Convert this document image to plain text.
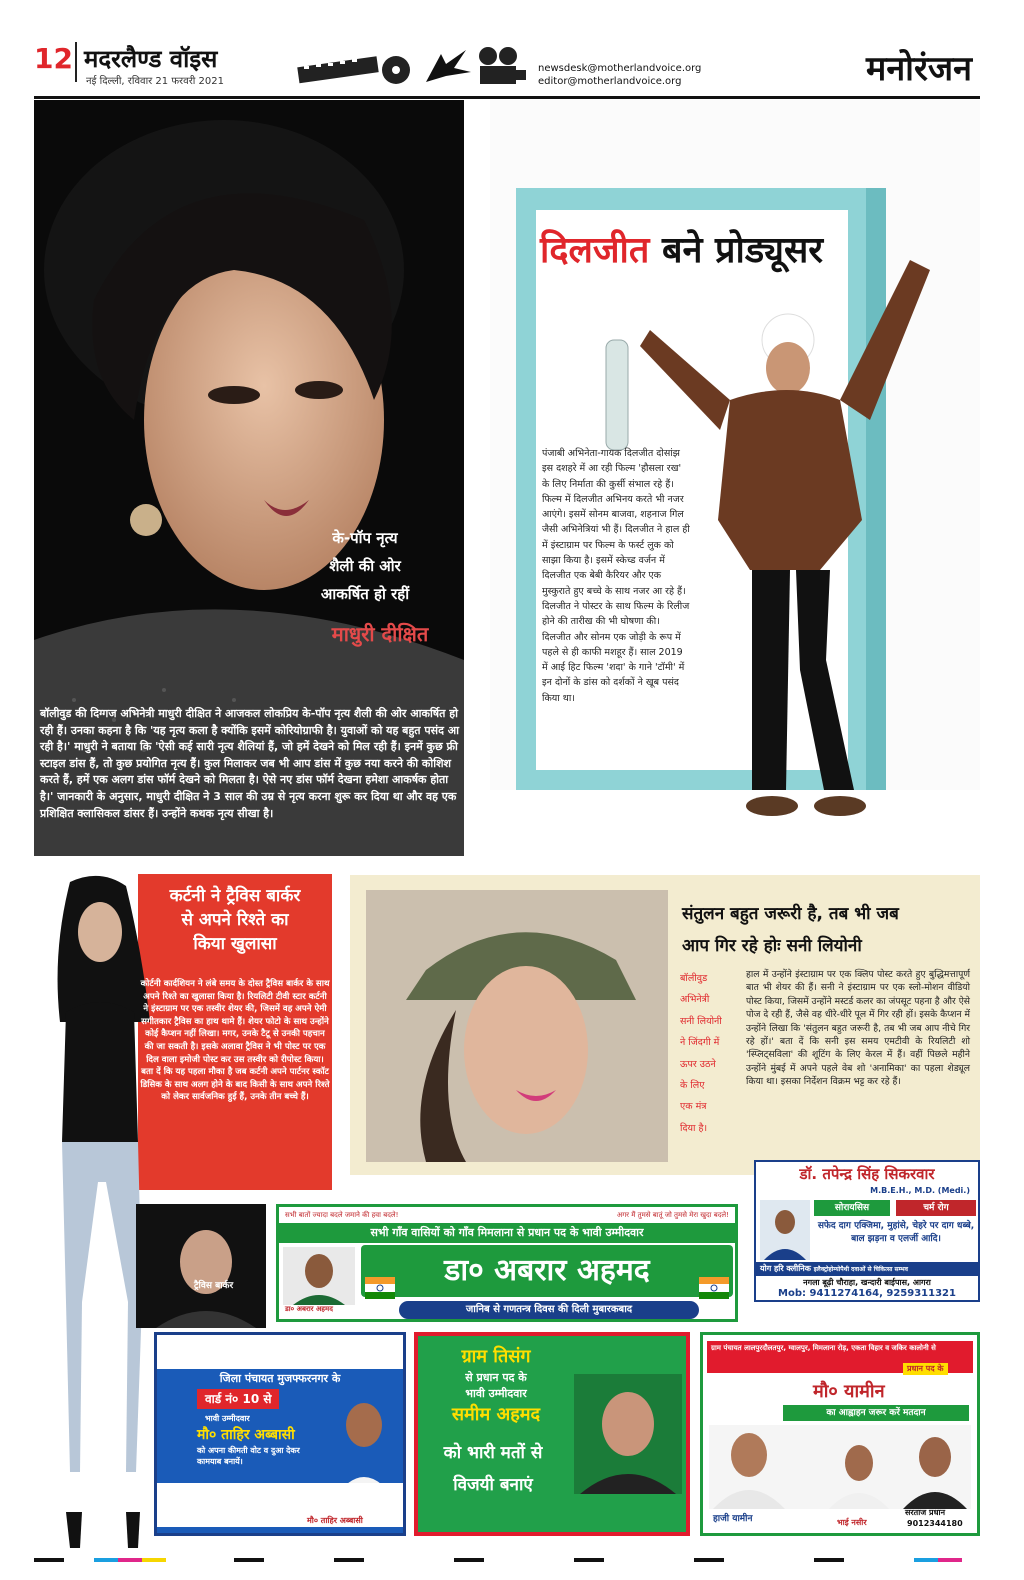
12 मदरलैण्ड वॉइस
नई दिल्ली, रविवार 21 फरवरी 2021
newsdesk@motherlandvoice.org
editor@motherlandvoice.org	मनोरंजन
के-पॉप नृत्य
शैली की ओर
आकर्षित हो रहीं
माधुरी दीक्षित
बॉलीवुड की दिग्गज अभिनेत्री माधुरी दीक्षित ने आजकल लोकप्रिय के-पॉप नृत्य शैली की ओर आकर्षित हो रही हैं। उनका कहना है कि 'यह नृत्य कला है क्योंकि इसमें कोरियोग्राफी है। युवाओं को यह बहुत पसंद आ रही है।' माधुरी ने बताया कि 'ऐसी कई सारी नृत्य शैलियां हैं, जो हमें देखने को मिल रही हैं। इनमें कुछ फ्री स्टाइल डांस हैं, तो कुछ प्रयोगित नृत्य हैं। कुल मिलाकर जब भी आप डांस में कुछ नया करने की कोशिश करते हैं, हमें एक अलग डांस फॉर्म देखने को मिलता है। ऐसे नए डांस फॉर्म देखना हमेशा आकर्षक होता है।' जानकारी के अनुसार, माधुरी दीक्षित ने 3 साल की उम्र से नृत्य करना शुरू कर दिया था और वह एक प्रशिक्षित क्लासिकल डांसर हैं। उन्होंने कथक नृत्य सीखा है।
दिलजीत बने प्रोड्यूसर
पंजाबी अभिनेता-गायक दिलजीत दोसांझ इस दशहरे में आ रही फिल्म 'हौसला रख' के लिए निर्माता की कुर्सी संभाल रहे हैं। फिल्म में दिलजीत अभिनय करते भी नजर आएंगे। इसमें सोनम बाजवा, शहनाज गिल जैसी अभिनेत्रियां भी हैं। दिलजीत ने हाल ही में इंस्टाग्राम पर फिल्म के फर्स्ट लुक को साझा किया है। इसमें स्केच्ड वर्जन में दिलजीत एक बेबी कैरियर और एक मुस्कुराते हुए बच्चे के साथ नजर आ रहे हैं। दिलजीत ने पोस्टर के साथ फिल्म के रिलीज होने की तारीख की भी घोषणा की। दिलजीत और सोनम एक जोड़ी के रूप में पहले से ही काफी मशहूर हैं। साल 2019 में आई हिट फिल्म 'शदा' के गाने 'टॉमी' में इन दोनों के डांस को दर्शकों ने खूब पसंद किया था।
कर्टनी ने ट्रैविस बार्कर
से अपने रिश्ते का
किया खुलासा
कोर्टनी कार्दशियन ने लंबे समय के दोस्त ट्रैविस बार्कर के साथ अपने रिश्ते का खुलासा किया है। रियलिटी टीवी स्टार कर्टनी ने इंस्टाग्राम पर एक तस्वीर शेयर की, जिसमें वह अपने ऐमी सगीतकार ट्रैविस का हाथ थामे हैं। शेयर फोटो के साथ उन्होंने कोई कैप्शन नहीं लिखा। मगर, उनके टैटू से उनकी पहचान की जा सकती है। इसके अलावा ट्रैविस ने भी पोस्ट पर एक दिल वाला इमोजी पोस्ट कर उस तस्वीर को रीपोस्ट किया। बता दें कि यह पहला मौका है जब कर्टनी अपने पार्टनर स्कॉट डिसिक के साथ अलग होने के बाद किसी के साथ अपने रिश्ते को लेकर सार्वजनिक हुई हैं, उनके तीन बच्चे हैं।
ट्रैविस बार्कर
संतुलन बहुत जरूरी है, तब भी जब
आप गिर रहे होः सनी लियोनी
बॉलीवुड
अभिनेत्री
सनी लियोनी
ने जिंदगी में
ऊपर उठने
के लिए
एक मंत्र
दिया है।
हाल में उन्होंने इंस्टाग्राम पर एक क्लिप पोस्ट करते हुए बुद्धिमत्तापूर्ण बात भी शेयर की हैं। सनी ने इंस्टाग्राम पर एक स्लो-मोशन वीडियो पोस्ट किया, जिसमें उन्होंने मस्टर्ड कलर का जंपसूट पहना है और ऐसे पोज दे रही हैं, जैसे वह धीरे-धीरे पूल में गिर रही हों। इसके कैप्शन में उन्होंने लिखा कि 'संतुलन बहुत जरूरी है, तब भी जब आप नीचे गिर रहे हों।' बता दें कि सनी इस समय एमटीवी के रियलिटी शो 'स्प्लिट्सविला' की शूटिंग के लिए केरल में हैं। वहीं पिछले महीने उन्होंने मुंबई में अपने पहले वेब शो 'अनामिका' का पहला शेड्यूल किया था। इसका निर्देशन विक्रम भट्ट कर रहे हैं।
सभी बातों ज्यादा बदले जमाने की हवा बदले!	अगर मैं तुमसे बातूं जो तुमसे मेरा खुदा बदले!
सभी गाँव वासियों को गाँव मिमलाना से प्रधान पद के भावी उम्मीदवार
डा० अबरार अहमद
डा० अबरार अहमद
जानिब से गणतन्त्र दिवस की दिली मुबारकबाद
डॉ. तपेन्द्र सिंह सिकरवार
M.B.E.H., M.D. (Medi.)
सोरायसिस	चर्म रोग
सफेद दाग एक्जिमा, मुहांसे, चेहरे पर दाग धब्बे, बाल झड़ना व एलर्जी आदि।
योग हरि क्लीनिक इलैक्ट्रोहोम्योपैथी दवाओं से चिकित्सा सम्भव
नगला बूढ़ी चौराहा, खन्दारी बाईपास, आगरा
Mob: 9411274164, 9259311321
जिला पंचायत मुजफ्फरनगर के
वार्ड नं० 10 से
भावी उम्मीदवार
मौ० ताहिर अब्बासी
को अपना कीमती वोट व दुआ देकर कामयाब बनायें।
मौ० ताहिर अब्बासी
ग्राम तिसंग
से प्रधान पद के
भावी उम्मीदवार
समीम अहमद
को भारी मतों से
विजयी बनाएं
ग्राम पंचायत लालपुरदौलतपुर, ग्वालपुर, मिमलाना रोड़, एकता विहार व जकिर कालोनी से
प्रधान पद के
मौ० यामीन
का आह्वाहन जरूर करें मतदान
हाजी यामीन	भाई नसीर
सरताज प्रधान
9012344180
